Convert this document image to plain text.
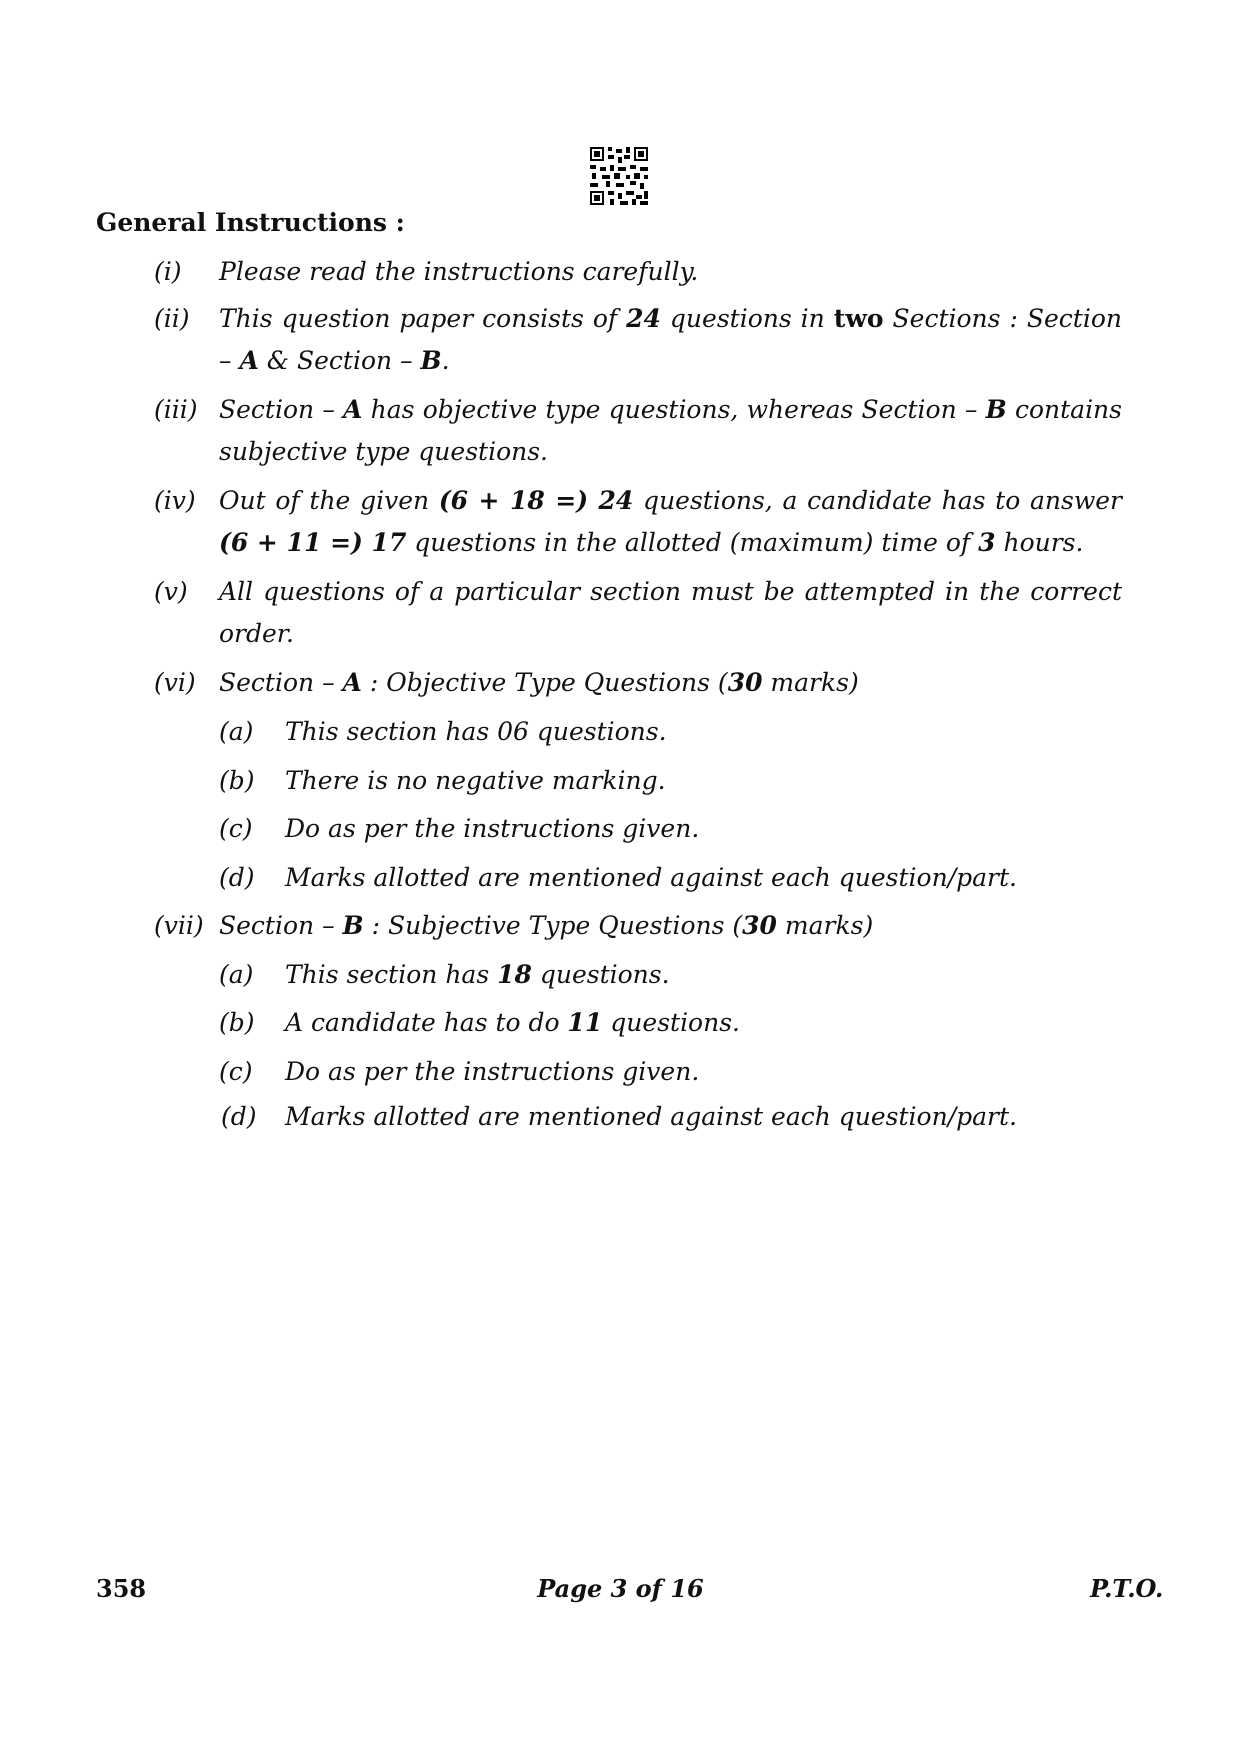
General Instructions :
(i) Please read the instructions carefully.
(ii) This question paper consists of 24 questions in two Sections : Section – A & Section – B.
(iii) Section – A has objective type questions, whereas Section – B contains subjective type questions.
(iv) Out of the given (6 + 18 =) 24 questions, a candidate has to answer (6 + 11 =) 17 questions in the allotted (maximum) time of 3 hours.
(v) All questions of a particular section must be attempted in the correct order.
(vi) Section – A : Objective Type Questions (30 marks)
(a) This section has 06 questions.
(b) There is no negative marking.
(c) Do as per the instructions given.
(d) Marks allotted are mentioned against each question/part.
(vii) Section – B : Subjective Type Questions (30 marks)
(a) This section has 18 questions.
(b) A candidate has to do 11 questions.
(c) Do as per the instructions given.
(d) Marks allotted are mentioned against each question/part.
358	Page 3 of 16	P.T.O.
